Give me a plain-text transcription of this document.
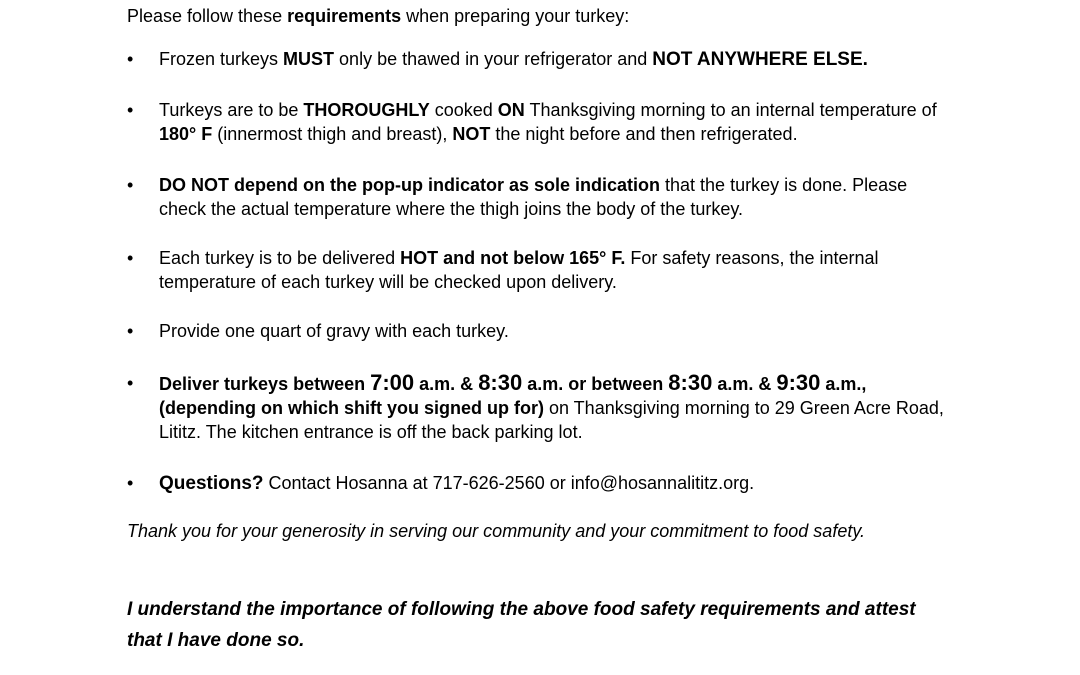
Please follow these requirements when preparing your turkey:
• Frozen turkeys MUST only be thawed in your refrigerator and NOT ANYWHERE ELSE.
• Turkeys are to be THOROUGHLY cooked ON Thanksgiving morning to an internal temperature of 180° F (innermost thigh and breast), NOT the night before and then refrigerated.
• DO NOT depend on the pop-up indicator as sole indication that the turkey is done. Please check the actual temperature where the thigh joins the body of the turkey.
• Each turkey is to be delivered HOT and not below 165° F. For safety reasons, the internal temperature of each turkey will be checked upon delivery.
• Provide one quart of gravy with each turkey.
• Deliver turkeys between 7:00 a.m. & 8:30 a.m. or between 8:30 a.m. & 9:30 a.m., (depending on which shift you signed up for) on Thanksgiving morning to 29 Green Acre Road, Lititz. The kitchen entrance is off the back parking lot.
• Questions? Contact Hosanna at 717-626-2560 or info@hosannalititz.org.
Thank you for your generosity in serving our community and your commitment to food safety.
I understand the importance of following the above food safety requirements and attest that I have done so.
